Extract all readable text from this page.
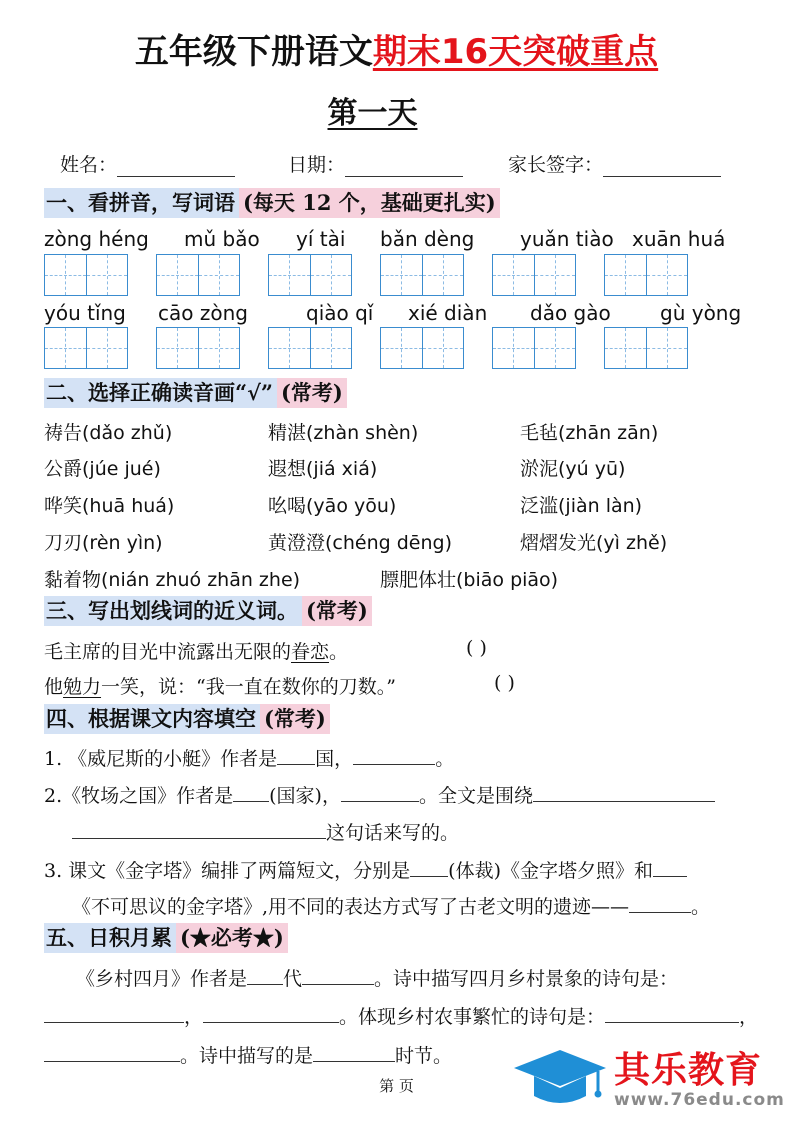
五年级下册语文期末16天突破重点
第一天
姓名：	日期：	家长签字：
一、看拼音，写词语 (每天 12 个，基础更扎实)
zòng héng mǔ bǎo yí tài bǎn dèng yuǎn tiào xuān huá
yóu tǐng cāo zòng	qiào qǐ xié diàn dǎo gào gù yòng
二、选择正确读音画“√” (常考)
祷告(dǎo zhǔ)	精湛(zhàn shèn)	毛毡(zhān zān)
公爵(júe jué)	遐想(jiá xiá)	淤泥(yú yū)
哗笑(huā huá)	吆喝(yāo yōu)	泛滥(jiàn làn)
刀刃(rèn yìn)	黄澄澄(chéng dēng)	熠熠发光(yì zhě)
黏着物(nián zhuó zhān zhe)	膘肥体壮(biāo piāo)
三、写出划线词的近义词。 (常考)
毛主席的目光中流露出无限的眷恋。	( )
他勉力一笑，说：“我一直在数你的刀数。”	( )
四、根据课文内容填空 (常考)
1. 《威尼斯的小艇》作者是 国，	。
2.《牧场之国》作者是 (国家)，	。全文是围绕
这句话来写的。
3. 课文《金字塔》编排了两篇短文，分别是 (体裁)《金字塔夕照》和
《不可思议的金字塔》,用不同的表达方式写了古老文明的遗迹——	。
五、日积月累 (★必考★)
《乡村四月》作者是 代	。诗中描写四月乡村景象的诗句是：
，	。体现乡村农事繁忙的诗句是：	，
。诗中描写的是	时节。
第 页	其乐教育
www.76edu.com
